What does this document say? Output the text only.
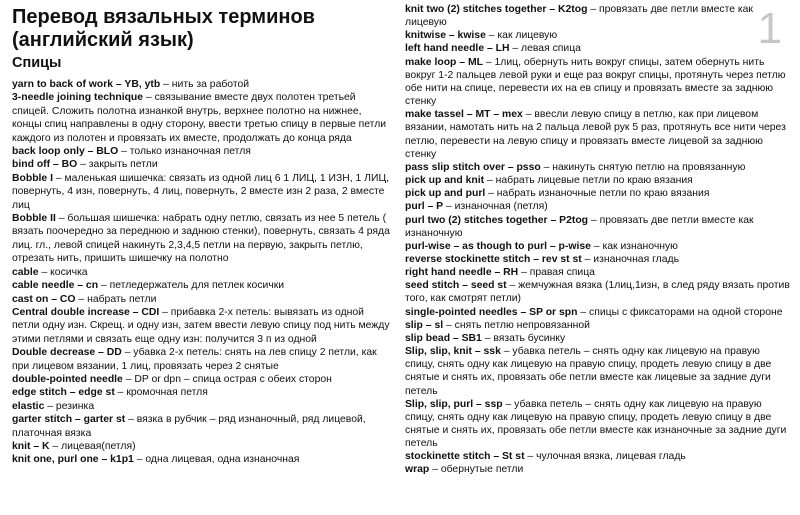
1
Перевод вязальных терминов
(английский язык)
Спицы

yarn to back of work – YB, ytb – нить за работой

3-needle joining technique – связывание вместе двух полотен третьей спицей. Сложить полотна изнанкой внутрь, верхнее полотно на нижнее, концы спиц направлены в одну сторону, ввести третью спицу в первые петли каждого из полотен и провязать их вместе, продолжать до конца ряда

back loop only – BLO – только изнаночная петля

bind off – BO – закрыть петли

Bobble I – маленькая шишечка: связать из одной лиц 6 1 ЛИЦ, 1 ИЗН, 1 ЛИЦ, повернуть, 4 изн, повернуть, 4 лиц, повернуть, 2 вместе изн 2 раза, 2 вместе лиц

Bobble II – большая шишечка: набрать одну петлю, связать из нее 5 петель ( вязать поочередно за переднюю и заднюю стенки), повернуть, связать 4 ряда лиц. гл., левой спицей накинуть 2,3,4,5 петли на первую, закрыть петлю, отрезать нить, пришить шишечку на полотно

cable – косичка

cable needle – cn – петледержатель для петлек косички

cast on – CO – набрать петли

Central double increase – CDI – прибавка 2-х петель: вывязать из одной петли одну изн. Скрещ. и одну изн, затем ввести левую спицу под нить между этими петлями и связать еще одну изн: получится 3 п из одной

Double decrease – DD – убавка 2-х петель: снять на лев спицу 2 петли, как при лицевом вязании, 1 лиц, провязать через 2 снятые

double-pointed needle – DP or dpn – спица острая с обеих сторон

edge stitch – edge st – кромочная петля

elastic – резинка

garter stitch – garter st – вязка в рубчик – ряд изнаночный, ряд лицевой, платочная вязка

knit – K – лицевая(петля)

knit one, purl one – k1p1 – одна лицевая, одна изнаночная

knit two (2) stitches together – K2tog – провязать две петли вместе как лицевую

knitwise – kwise – как лицевую

left hand needle – LH – левая спица

make loop – ML – 1лиц, обернуть нить вокруг спицы, затем обернуть нить вокруг 1-2 пальцев левой руки и еще раз вокруг спицы, протянуть через петлю обе нити на спице, перевести их на ев спицу и провязать вместе за заднюю стенку

make tassel – MT – mex – ввесли левую спицу в петлю, как при лицевом вязании, намотать нить на 2 пальца левой рук 5 раз, протянуть все нити через петлю, перевести на левую спицу и провязать вместе лицевой за заднюю стенку

pass slip stitch over – psso – накинуть снятую петлю на провязанную

pick up and knit – набрать лицевые петли по краю вязания

pick up and purl – набрать изнаночные петли по краю вязания

purl – P – изнаночная (петля)

purl two (2) stitches together – P2tog – провязать две петли вместе как изнаночную

purl-wise – as though to purl – p-wise – как изнаночную

reverse stockinette stitch – rev st st – изнаночная гладь

right hand needle – RH – правая спица

seed stitch – seed st – жемчужная вязка (1лиц,1изн, в след ряду вязать против того, как смотрят петли)

single-pointed needles – SP or spn – спицы с фиксаторами на одной стороне

slip – sl – снять петлю непровязанной

slip bead – SB1 – вязать бусинку

Slip, slip, knit – ssk – убавка петель – снять одну как лицевую на правую спицу, снять одну как лицевую на правую спицу, продеть левую спицу в две снятые и снять их, провязать обе петли вместе как лицевые за задние дуги петель

Slip, slip, purl – ssp – убавка петель – снять одну как лицевую на правую спицу, снять одну как лицевую на правую спицу, продеть левую спицу в две снятые и снять их, провязать обе петли вместе как изнаночные за задние дуги петель

stockinette stitch – St st – чулочная вязка, лицевая гладь

wrap – обернутые петли
